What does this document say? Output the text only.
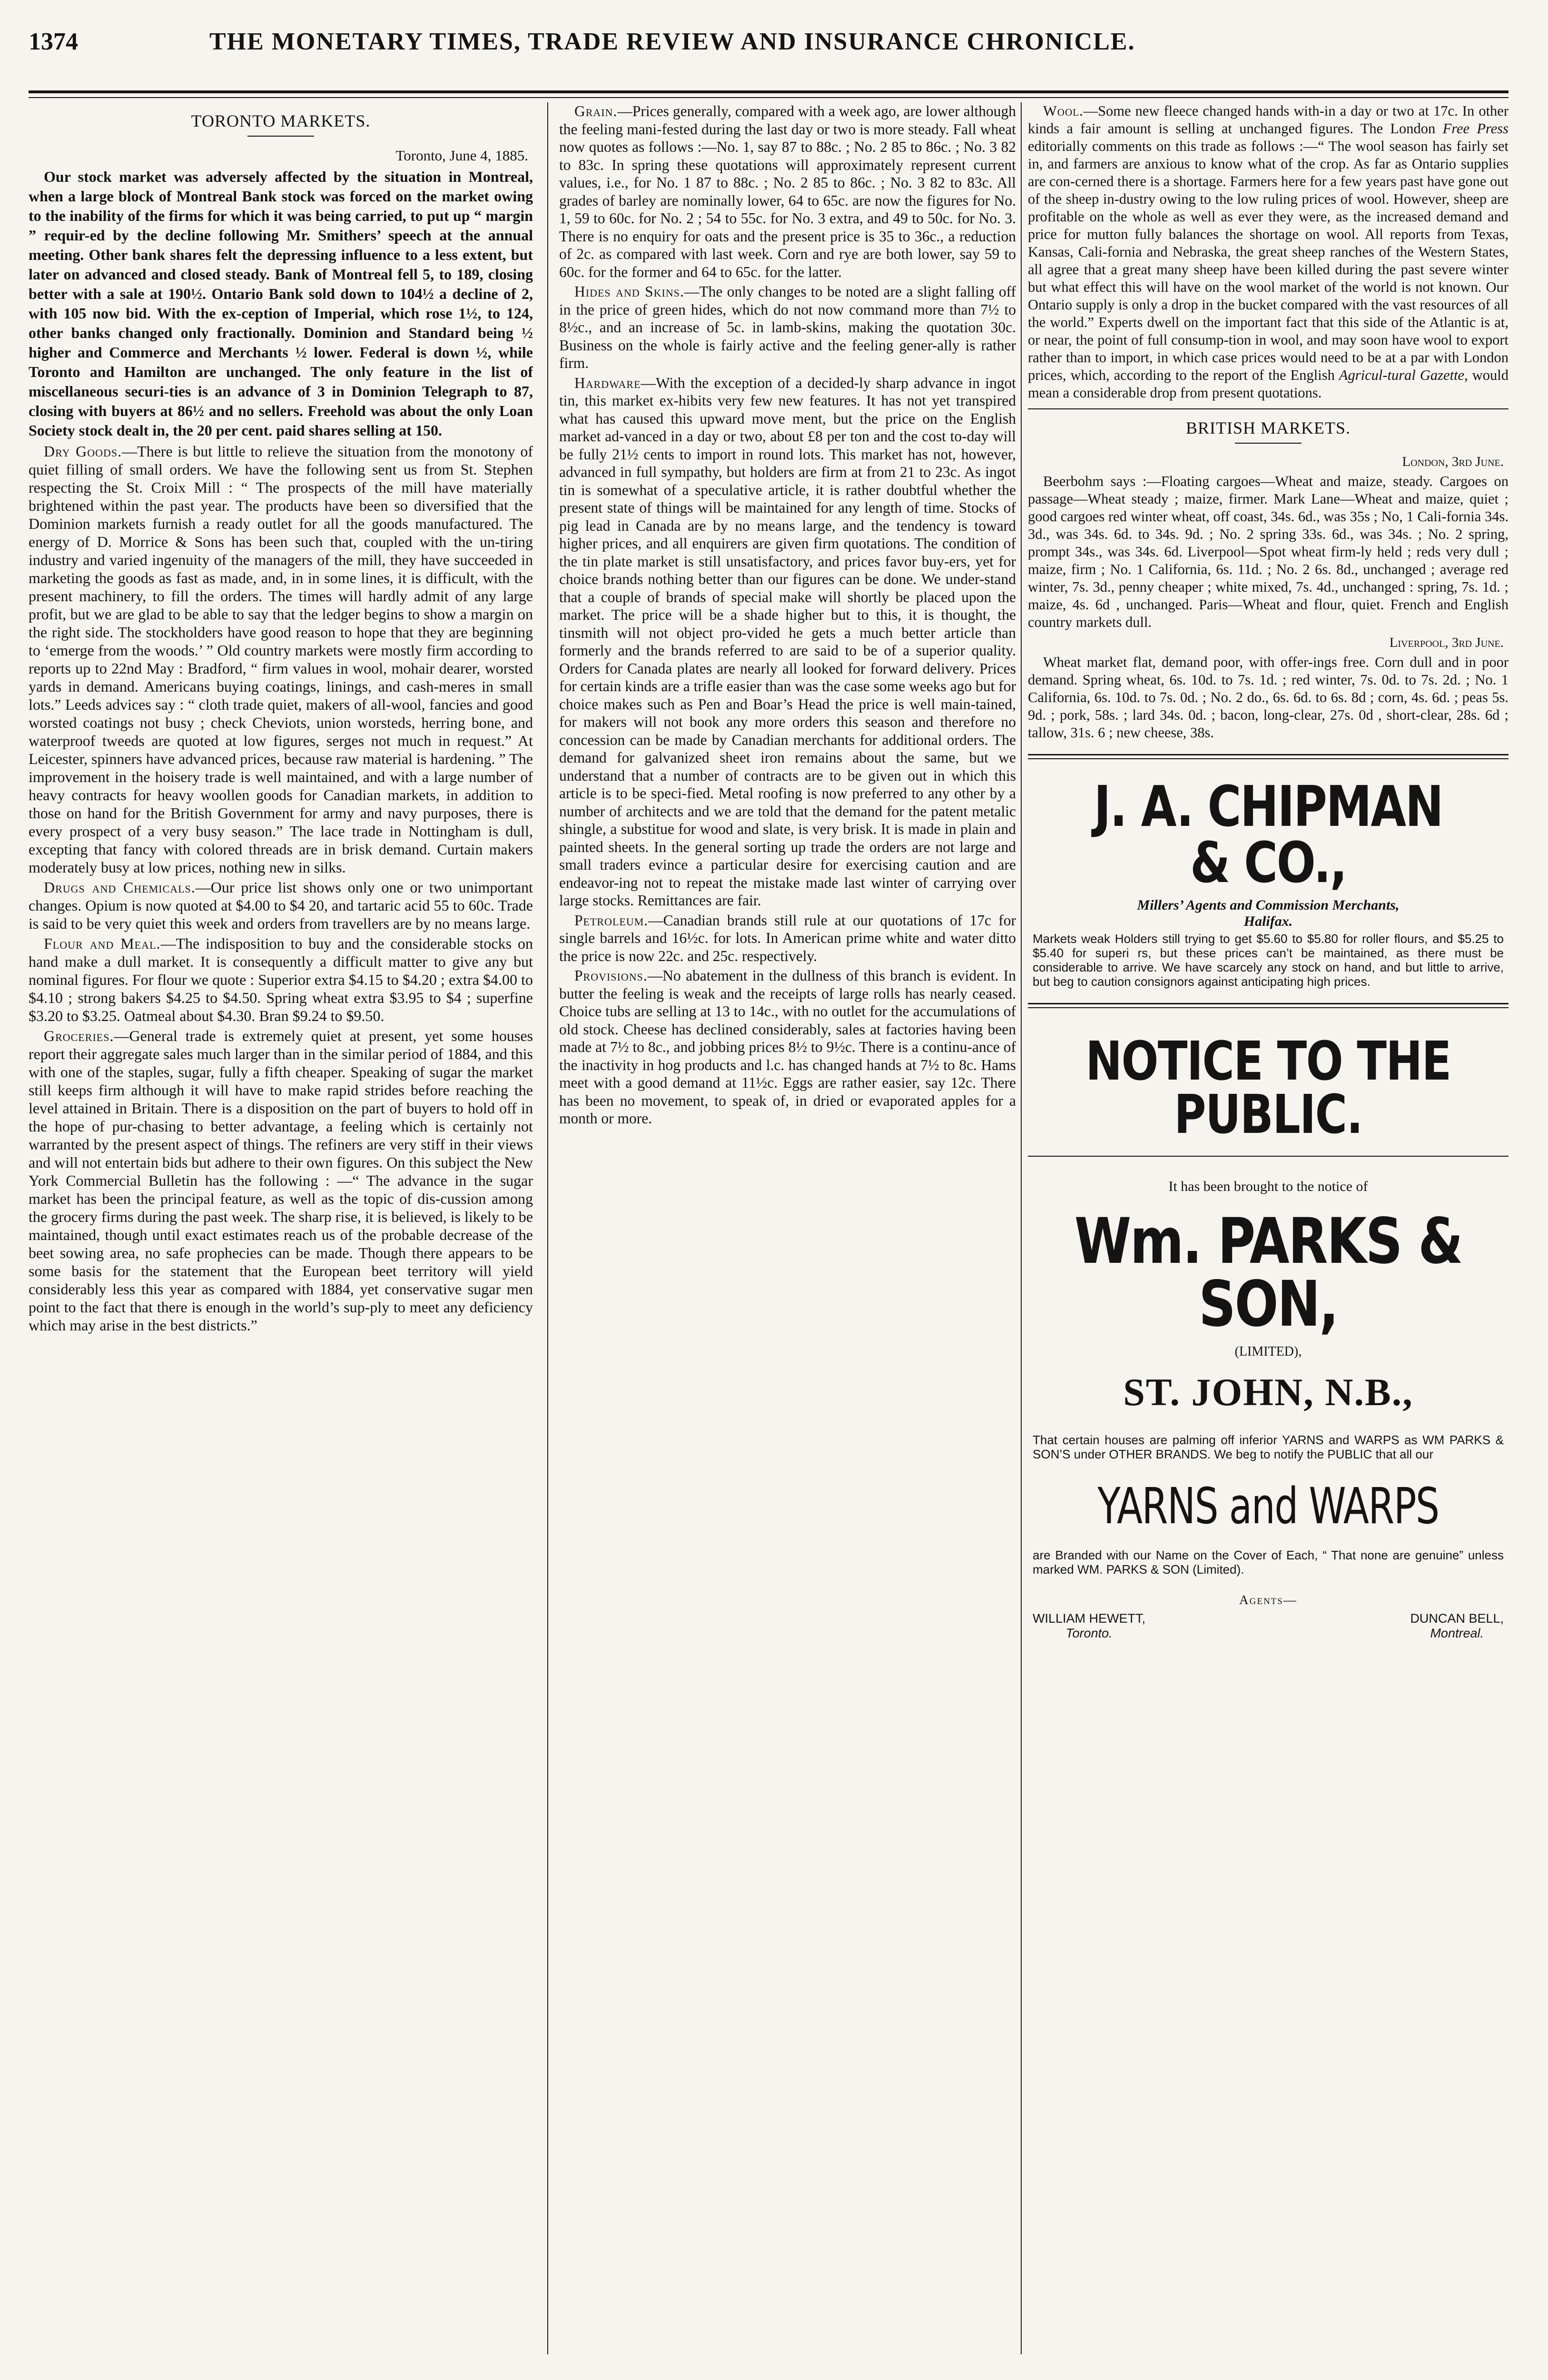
1374	THE MONETARY TIMES, TRADE REVIEW AND INSURANCE CHRONICLE.
TORONTO MARKETS.
Toronto, June 4, 1885.

Our stock market was adversely affected by the situation in Montreal, when a large block of Montreal Bank stock was forced on the market owing to the inability of the firms for which it was being carried, to put up “ margin ” requir-ed by the decline following Mr. Smithers’ speech at the annual meeting. Other bank shares felt the depressing influence to a less extent, but later on advanced and closed steady. Bank of Montreal fell 5, to 189, closing better with a sale at 190½. Ontario Bank sold down to 104½ a decline of 2, with 105 now bid. With the ex-ception of Imperial, which rose 1½, to 124, other banks changed only fractionally. Dominion and Standard being ½ higher and Commerce and Merchants ½ lower. Federal is down ½, while Toronto and Hamilton are unchanged. The only feature in the list of miscellaneous securi-ties is an advance of 3 in Dominion Telegraph to 87, closing with buyers at 86½ and no sellers. Freehold was about the only Loan Society stock dealt in, the 20 per cent. paid shares selling at 150.

Dry Goods.—There is but little to relieve the situation from the monotony of quiet filling of small orders. We have the following sent us from St. Stephen respecting the St. Croix Mill : “ The prospects of the mill have materially brightened within the past year. The products have been so diversified that the Dominion markets furnish a ready outlet for all the goods manufactured. The energy of D. Morrice & Sons has been such that, coupled with the un-tiring industry and varied ingenuity of the managers of the mill, they have succeeded in marketing the goods as fast as made, and, in in some lines, it is difficult, with the present machinery, to fill the orders. The times will hardly admit of any large profit, but we are glad to be able to say that the ledger begins to show a margin on the right side. The stockholders have good reason to hope that they are beginning to ‘emerge from the woods.’ ” Old country markets were mostly firm according to reports up to 22nd May : Bradford, “ firm values in wool, mohair dearer, worsted yards in demand. Americans buying coatings, linings, and cash-meres in small lots.” Leeds advices say : “ cloth trade quiet, makers of all-wool, fancies and good worsted coatings not busy ; check Cheviots, union worsteds, herring bone, and waterproof tweeds are quoted at low figures, serges not much in request.” At Leicester, spinners have advanced prices, because raw material is hardening. ” The improvement in the hoisery trade is well maintained, and with a large number of heavy contracts for heavy woollen goods for Canadian markets, in addition to those on hand for the British Government for army and navy purposes, there is every prospect of a very busy season.” The lace trade in Nottingham is dull, excepting that fancy with colored threads are in brisk demand. Curtain makers moderately busy at low prices, nothing new in silks.

Drugs and Chemicals.—Our price list shows only one or two unimportant changes. Opium is now quoted at $4.00 to $4 20, and tartaric acid 55 to 60c. Trade is said to be very quiet this week and orders from travellers are by no means large.

Flour and Meal.—The indisposition to buy and the considerable stocks on hand make a dull market. It is consequently a difficult matter to give any but nominal figures. For flour we quote : Superior extra $4.15 to $4.20 ; extra $4.00 to $4.10 ; strong bakers $4.25 to $4.50. Spring wheat extra $3.95 to $4 ; superfine $3.20 to $3.25. Oatmeal about $4.30. Bran $9.24 to $9.50.

Groceries.—General trade is extremely quiet at present, yet some houses report their aggregate sales much larger than in the similar period of 1884, and this with one of the staples, sugar, fully a fifth cheaper. Speaking of sugar the market still keeps firm although it will have to make rapid strides before reaching the level attained in Britain. There is a disposition on the part of buyers to hold off in the hope of pur-chasing to better advantage, a feeling which is certainly not warranted by the present aspect of things. The refiners are very stiff in their views and will not entertain bids but adhere to their own figures. On this subject the New York Commercial Bulletin has the following : —“ The advance in the sugar market has been the principal feature, as well as the topic of dis-cussion among the grocery firms during the past week. The sharp rise, it is believed, is likely to be maintained, though until exact estimates reach us of the probable decrease of the beet sowing area, no safe prophecies can be made. Though there appears to be some basis for the statement that the European beet territory will yield considerably less this year as compared with 1884, yet conservative sugar men point to the fact that there is enough in the world’s sup-ply to meet any deficiency which may arise in the best districts.”

Grain.—Prices generally, compared with a week ago, are lower although the feeling mani-fested during the last day or two is more steady. Fall wheat now quotes as follows :—No. 1, say 87 to 88c. ; No. 2 85 to 86c. ; No. 3 82 to 83c. In spring these quotations will approximately represent current values, i.e., for No. 1 87 to 88c. ; No. 2 85 to 86c. ; No. 3 82 to 83c. All grades of barley are nominally lower, 64 to 65c. are now the figures for No. 1, 59 to 60c. for No. 2 ; 54 to 55c. for No. 3 extra, and 49 to 50c. for No. 3. There is no enquiry for oats and the present price is 35 to 36c., a reduction of 2c. as compared with last week. Corn and rye are both lower, say 59 to 60c. for the former and 64 to 65c. for the latter.

Hides and Skins.—The only changes to be noted are a slight falling off in the price of green hides, which do not now command more than 7½ to 8½c., and an increase of 5c. in lamb-skins, making the quotation 30c. Business on the whole is fairly active and the feeling gener-ally is rather firm.

Hardware—With the exception of a decided-ly sharp advance in ingot tin, this market ex-hibits very few new features. It has not yet transpired what has caused this upward move ment, but the price on the English market ad-vanced in a day or two, about £8 per ton and the cost to-day will be fully 21½ cents to import in round lots. This market has not, however, advanced in full sympathy, but holders are firm at from 21 to 23c. As ingot tin is somewhat of a speculative article, it is rather doubtful whether the present state of things will be maintained for any length of time. Stocks of pig lead in Canada are by no means large, and the tendency is toward higher prices, and all enquirers are given firm quotations. The condition of the tin plate market is still unsatisfactory, and prices favor buy-ers, yet for choice brands nothing better than our figures can be done. We under-stand that a couple of brands of special make will shortly be placed upon the market. The price will be a shade higher but to this, it is thought, the tinsmith will not object pro-vided he gets a much better article than formerly and the brands referred to are said to be of a superior quality. Orders for Canada plates are nearly all looked for forward delivery. Prices for certain kinds are a trifle easier than was the case some weeks ago but for choice makes such as Pen and Boar’s Head the price is well main-tained, for makers will not book any more orders this season and therefore no concession can be made by Canadian merchants for additional orders. The demand for galvanized sheet iron remains about the same, but we understand that a number of contracts are to be given out in which this article is to be speci-fied. Metal roofing is now preferred to any other by a number of architects and we are told that the demand for the patent metalic shingle, a substitue for wood and slate, is very brisk. It is made in plain and painted sheets. In the general sorting up trade the orders are not large and small traders evince a particular desire for exercising caution and are endeavor-ing not to repeat the mistake made last winter of carrying over large stocks. Remittances are fair.

Petroleum.—Canadian brands still rule at our quotations of 17c for single barrels and 16½c. for lots. In American prime white and water ditto the price is now 22c. and 25c. respectively.

Provisions.—No abatement in the dullness of this branch is evident. In butter the feeling is weak and the receipts of large rolls has nearly ceased. Choice tubs are selling at 13 to 14c., with no outlet for the accumulations of old stock. Cheese has declined considerably, sales at factories having been made at 7½ to 8c., and jobbing prices 8½ to 9½c. There is a continu-ance of the inactivity in hog products and l.c. has changed hands at 7½ to 8c. Hams meet with a good demand at 11½c. Eggs are rather easier, say 12c. There has been no movement, to speak of, in dried or evaporated apples for a month or more.

Wool.—Some new fleece changed hands with-in a day or two at 17c. In other kinds a fair amount is selling at unchanged figures. The London Free Press editorially comments on this trade as follows :—“ The wool season has fairly set in, and farmers are anxious to know what of the crop. As far as Ontario supplies are con-cerned there is a shortage. Farmers here for a few years past have gone out of the sheep in-dustry owing to the low ruling prices of wool. However, sheep are profitable on the whole as well as ever they were, as the increased demand and price for mutton fully balances the shortage on wool. All reports from Texas, Kansas, Cali-fornia and Nebraska, the great sheep ranches of the Western States, all agree that a great many sheep have been killed during the past severe winter but what effect this will have on the wool market of the world is not known. Our Ontario supply is only a drop in the bucket compared with the vast resources of all the world.” Experts dwell on the important fact that this side of the Atlantic is at, or near, the point of full consump-tion in wool, and may soon have wool to export rather than to import, in which case prices would need to be at a par with London prices, which, according to the report of the English Agricul-tural Gazette, would mean a considerable drop from present quotations.

BRITISH MARKETS.
London, 3rd June.

Beerbohm says :—Floating cargoes—Wheat and maize, steady. Cargoes on passage—Wheat steady ; maize, firmer. Mark Lane—Wheat and maize, quiet ; good cargoes red winter wheat, off coast, 34s. 6d., was 35s ; No, 1 Cali-fornia 34s. 3d., was 34s. 6d. to 34s. 9d. ; No. 2 spring 33s. 6d., was 34s. ; No. 2 spring, prompt 34s., was 34s. 6d. Liverpool—Spot wheat firm-ly held ; reds very dull ; maize, firm ; No. 1 California, 6s. 11d. ; No. 2 6s. 8d., unchanged ; average red winter, 7s. 3d., penny cheaper ; white mixed, 7s. 4d., unchanged : spring, 7s. 1d. ; maize, 4s. 6d , unchanged. Paris—Wheat and flour, quiet. French and English country markets dull.

Liverpool, 3rd June.

Wheat market flat, demand poor, with offer-ings free. Corn dull and in poor demand. Spring wheat, 6s. 10d. to 7s. 1d. ; red winter, 7s. 0d. to 7s. 2d. ; No. 1 California, 6s. 10d. to 7s. 0d. ; No. 2 do., 6s. 6d. to 6s. 8d ; corn, 4s. 6d. ; peas 5s. 9d. ; pork, 58s. ; lard 34s. 0d. ; bacon, long-clear, 27s. 0d , short-clear, 28s. 6d ; tallow, 31s. 6 ; new cheese, 38s.

J. A. CHIPMAN & CO.,
Millers’ Agents and Commission Merchants,
Halifax.
Markets weak Holders still trying to get $5.60 to $5.80 for roller flours, and $5.25 to $5.40 for superi rs, but these prices can’t be maintained, as there must be considerable to arrive. We have scarcely any stock on hand, and but little to arrive, but beg to caution consignors against anticipating high prices.
NOTICE TO THE PUBLIC.
It has been brought to the notice of
Wm. PARKS & SON,
(LIMITED),
ST. JOHN, N.B.,
That certain houses are palming off inferior YARNS and WARPS as WM PARKS & SON’S under OTHER BRANDS. We beg to notify the PUBLIC that all our
YARNS and WARPS
are Branded with our Name on the Cover of Each, “ That none are genuine” unless marked WM. PARKS & SON (Limited).
Agents—
WILLIAM HEWETT,
Toronto.
DUNCAN BELL,
Montreal.
